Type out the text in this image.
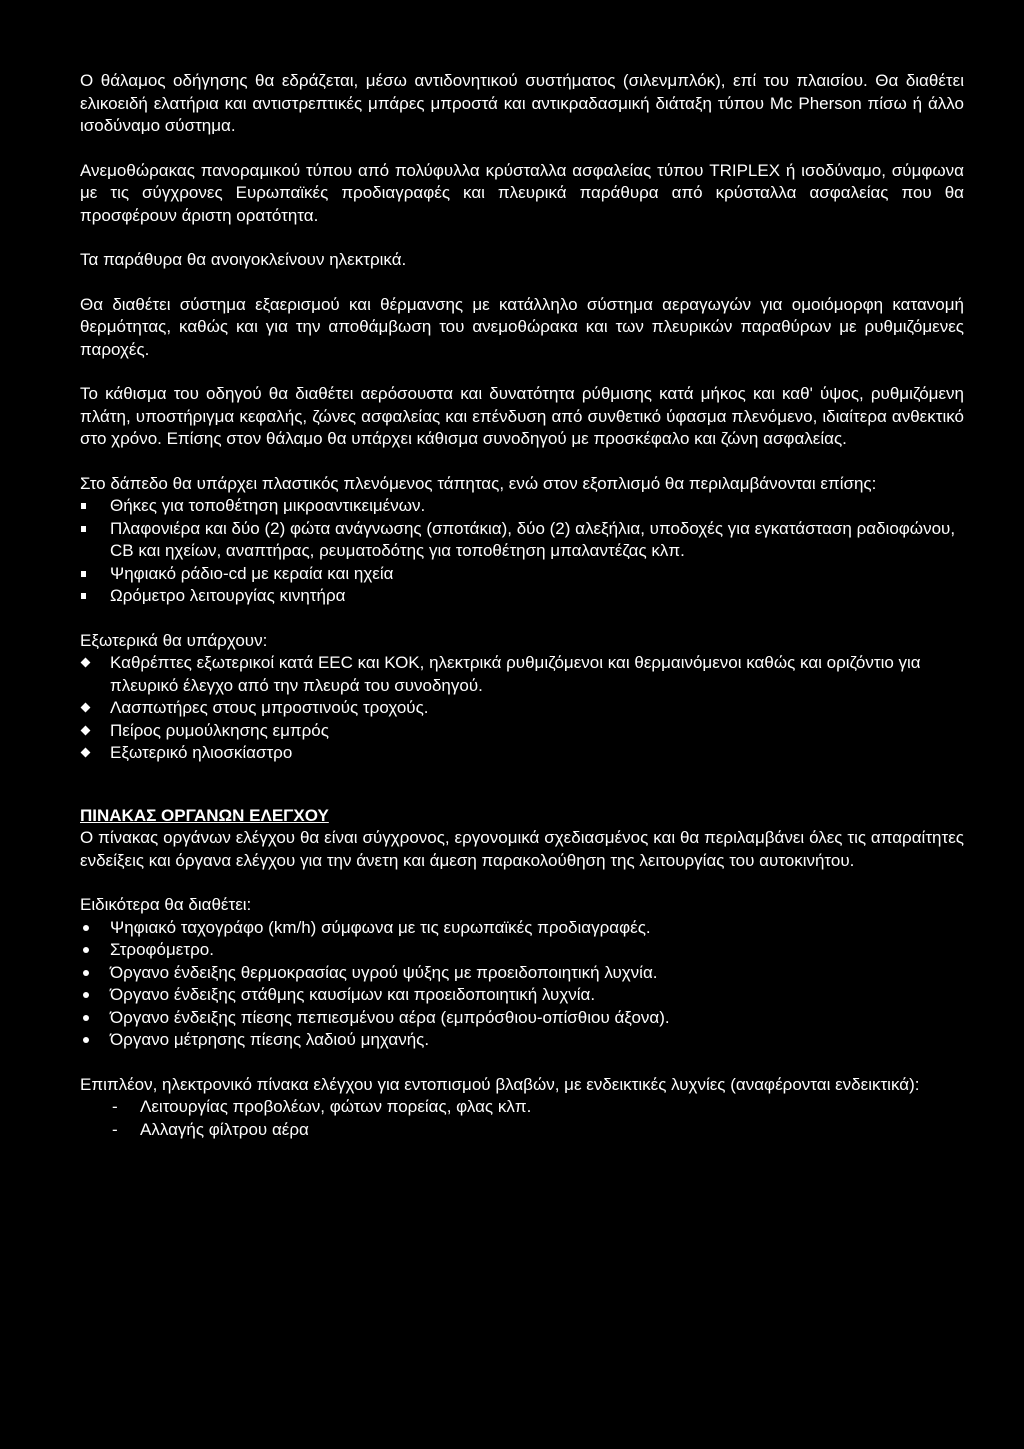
Ο θάλαμος οδήγησης θα εδράζεται, μέσω αντιδονητικού συστήματος (σιλενμπλόκ), επί του πλαισίου. Θα διαθέτει ελικοειδή ελατήρια και αντιστρεπτικές μπάρες μπροστά και αντικραδασμική διάταξη τύπου Mc Pherson πίσω ή άλλο ισοδύναμο σύστημα.

Ανεμοθώρακας πανοραμικού τύπου από πολύφυλλα κρύσταλλα ασφαλείας τύπου TRIPLEX ή ισοδύναμο, σύμφωνα με τις σύγχρονες Ευρωπαϊκές προδιαγραφές και πλευρικά παράθυρα από κρύσταλλα ασφαλείας που θα προσφέρουν άριστη ορατότητα.

Τα παράθυρα θα ανοιγοκλείνουν ηλεκτρικά.

Θα διαθέτει σύστημα εξαερισμού και θέρμανσης με κατάλληλο σύστημα αεραγωγών για ομοιόμορφη κατανομή θερμότητας, καθώς και για την αποθάμβωση του ανεμοθώρακα και των πλευρικών παραθύρων με ρυθμιζόμενες παροχές.

Το κάθισμα του οδηγού θα διαθέτει αερόσουστα και δυνατότητα ρύθμισης κατά μήκος και καθ' ύψος, ρυθμιζόμενη πλάτη, υποστήριγμα κεφαλής, ζώνες ασφαλείας και επένδυση από συνθετικό ύφασμα πλενόμενο, ιδιαίτερα ανθεκτικό στο χρόνο. Επίσης στον θάλαμο θα υπάρχει κάθισμα συνοδηγού με προσκέφαλο και ζώνη ασφαλείας.

Στο δάπεδο θα υπάρχει πλαστικός πλενόμενος τάπητας, ενώ στον εξοπλισμό θα περιλαμβάνονται επίσης:

Θήκες για τοποθέτηση μικροαντικειμένων.
Πλαφονιέρα και δύο (2) φώτα ανάγνωσης (σποτάκια), δύο (2) αλεξήλια, υποδοχές για εγκατάσταση ραδιοφώνου, CB και ηχείων, αναπτήρας, ρευματοδότης για τοποθέτηση μπαλαντέζας κλπ.
Ψηφιακό ράδιο-cd με κεραία και ηχεία
Ωρόμετρο λειτουργίας κινητήρα

Εξωτερικά θα υπάρχουν:

Καθρέπτες εξωτερικοί κατά EEC και ΚΟΚ, ηλεκτρικά ρυθμιζόμενοι και θερμαινόμενοι καθώς και οριζόντιο για πλευρικό έλεγχο από την πλευρά του συνοδηγού.
Λασπωτήρες στους μπροστινούς τροχούς.
Πείρος ρυμούλκησης εμπρός
Εξωτερικό ηλιοσκίαστρο

ΠΙΝΑΚΑΣ ΟΡΓΑΝΩΝ ΕΛΕΓΧΟΥ

Ο πίνακας οργάνων ελέγχου θα είναι σύγχρονος, εργονομικά σχεδιασμένος και θα περιλαμβάνει όλες τις απαραίτητες ενδείξεις και όργανα ελέγχου για την άνετη και άμεση παρακολούθηση της λειτουργίας του αυτοκινήτου.

Ειδικότερα θα διαθέτει:

Ψηφιακό ταχογράφο (km/h) σύμφωνα με τις ευρωπαϊκές προδιαγραφές.
Στροφόμετρο.
Όργανο ένδειξης θερμοκρασίας υγρού ψύξης με προειδοποιητική λυχνία.
Όργανο ένδειξης στάθμης καυσίμων και προειδοποιητική λυχνία.
Όργανο ένδειξης πίεσης πεπιεσμένου αέρα (εμπρόσθιου-οπίσθιου άξονα).
Όργανο μέτρησης πίεσης λαδιού μηχανής.

Επιπλέον, ηλεκτρονικό πίνακα ελέγχου για εντοπισμού βλαβών, με ενδεικτικές λυχνίες (αναφέρονται ενδεικτικά):

Λειτουργίας προβολέων, φώτων πορείας, φλας κλπ.
Αλλαγής φίλτρου αέρα
